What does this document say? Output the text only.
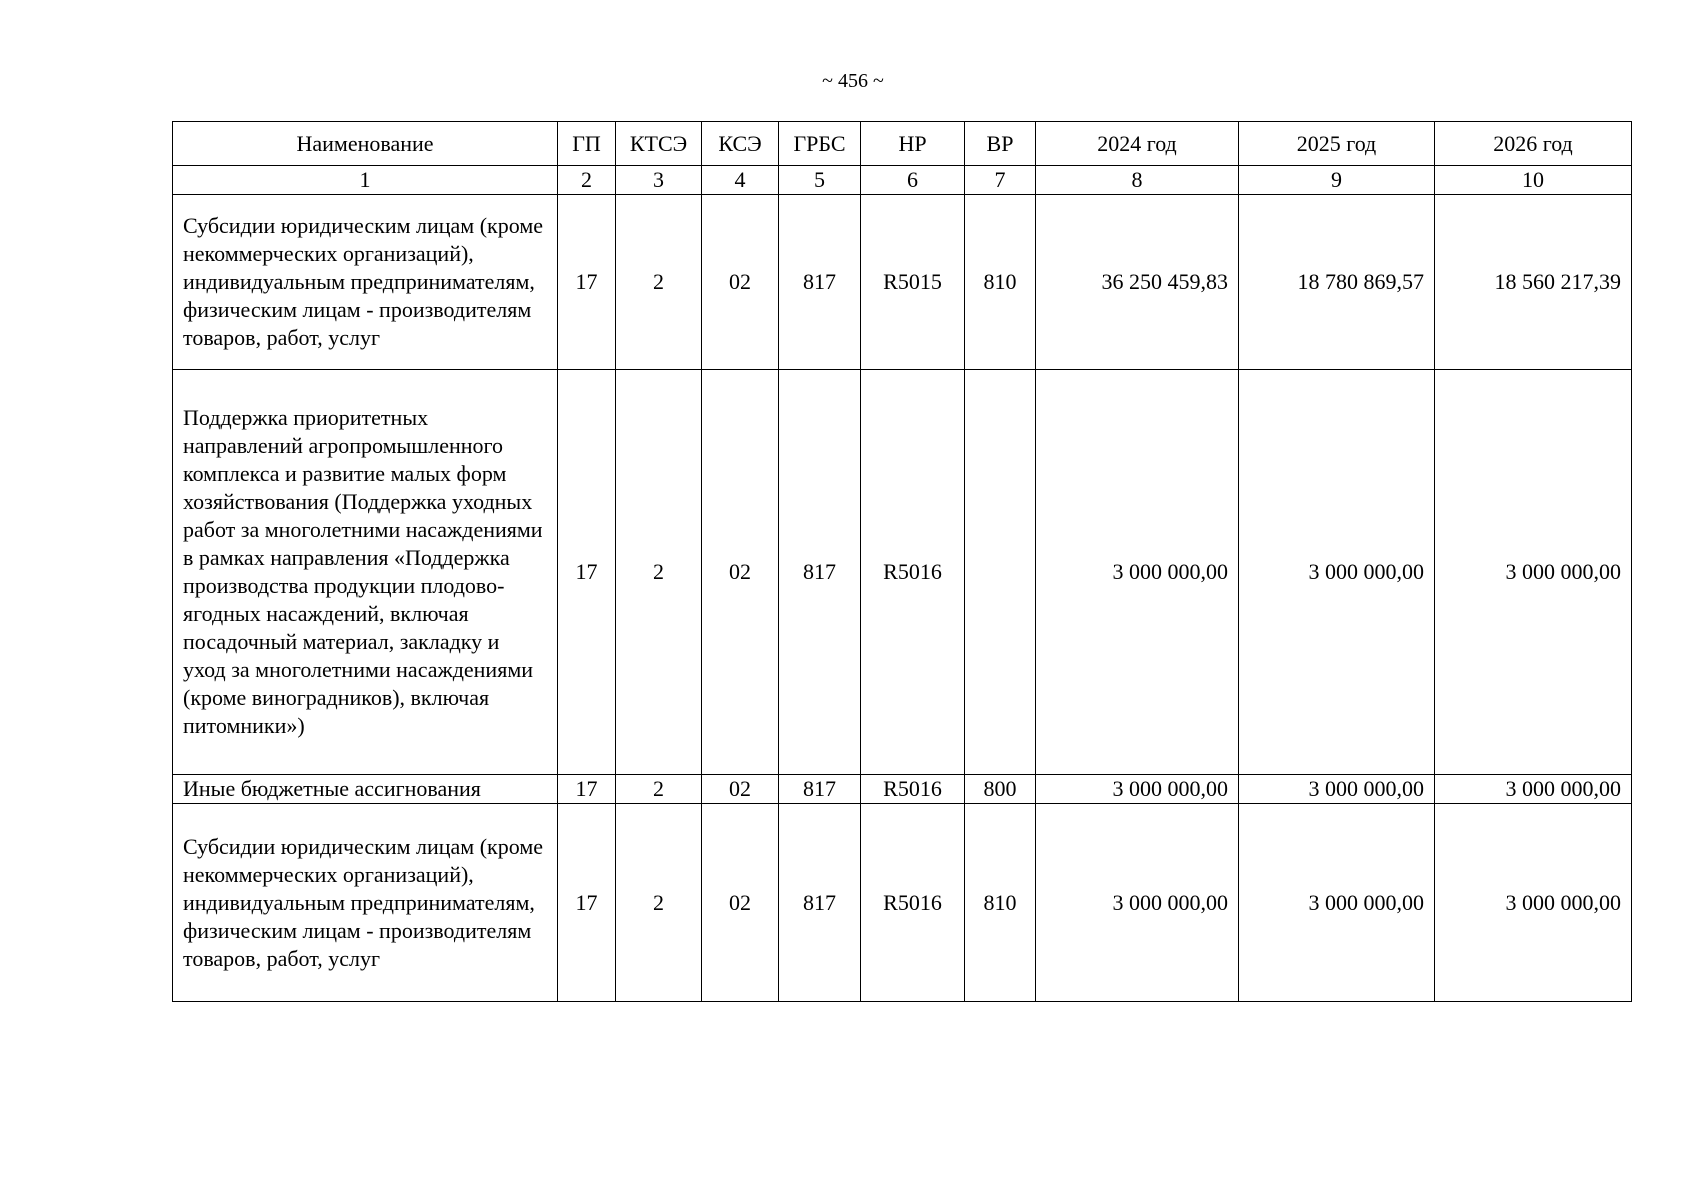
~ 456 ~
Наименование	ГП	КТСЭ	КСЭ	ГРБС	НР	ВР	2024 год	2025 год	2026 год
1	2	3	4	5	6	7	8	9	10
Субсидии юридическим лицам (кроме некоммерческих организаций), индивидуальным предпринимателям, физическим лицам - производителям товаров, работ, услуг	17	2	02	817	R5015	810	36 250 459,83	18 780 869,57	18 560 217,39
Поддержка приоритетных направлений агропромышленного комплекса и развитие малых форм хозяйствования (Поддержка уходных работ за многолетними насаждениями в рамках направления «Поддержка производства продукции плодово-ягодных насаждений, включая посадочный материал, закладку и уход за многолетними насаждениями (кроме виноградников), включая питомники»)	17	2	02	817	R5016		3 000 000,00	3 000 000,00	3 000 000,00
Иные бюджетные ассигнования	17	2	02	817	R5016	800	3 000 000,00	3 000 000,00	3 000 000,00
Субсидии юридическим лицам (кроме некоммерческих организаций), индивидуальным предпринимателям, физическим лицам - производителям товаров, работ, услуг	17	2	02	817	R5016	810	3 000 000,00	3 000 000,00	3 000 000,00
